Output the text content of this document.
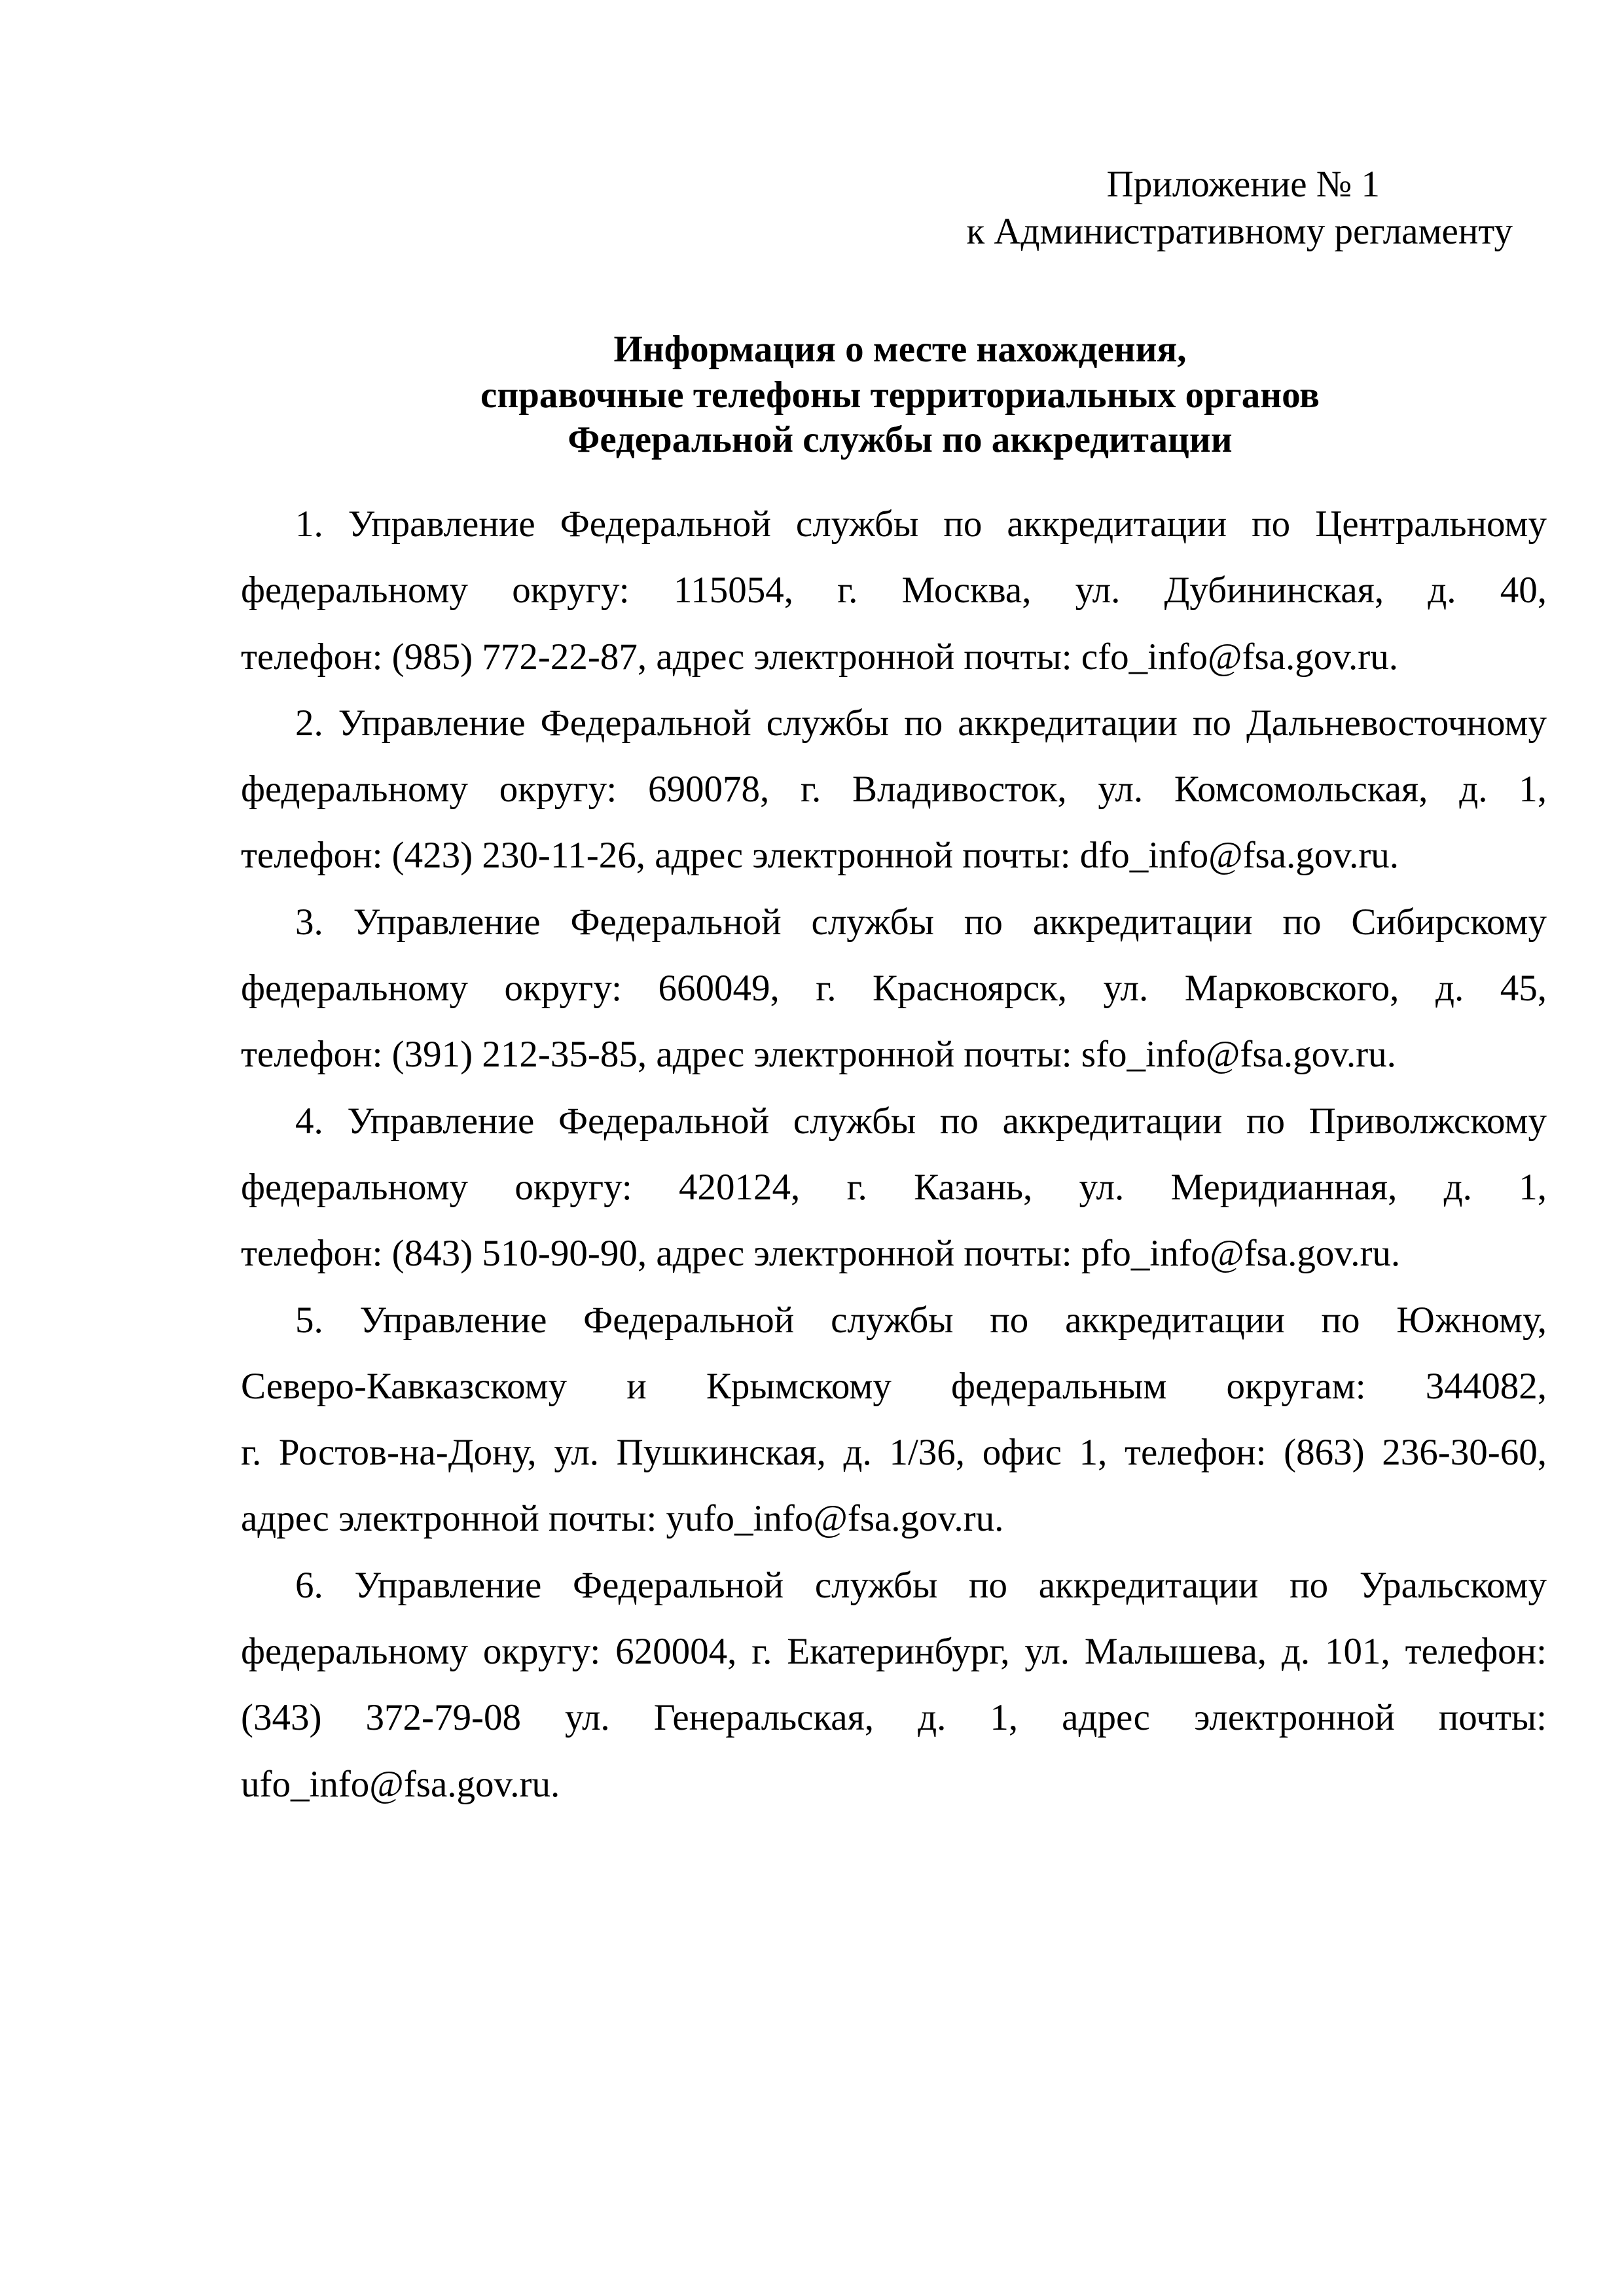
Приложение № 1
к Административному регламенту
Информация о месте нахождения,
справочные телефоны территориальных органов
Федеральной службы по аккредитации
1. Управление Федеральной службы по аккредитации по Центральному
федеральному округу: 115054, г. Москва, ул. Дубининская, д. 40,
телефон: (985) 772-22-87, адрес электронной почты: cfo_info@fsa.gov.ru.
2. Управление Федеральной службы по аккредитации по Дальневосточному
федеральному округу: 690078, г. Владивосток, ул. Комсомольская, д. 1,
телефон: (423) 230-11-26, адрес электронной почты: dfo_info@fsa.gov.ru.
3. Управление Федеральной службы по аккредитации по Сибирскому
федеральному округу: 660049, г. Красноярск, ул. Марковского, д. 45,
телефон: (391) 212-35-85, адрес электронной почты: sfo_info@fsa.gov.ru.
4. Управление Федеральной службы по аккредитации по Приволжскому
федеральному округу: 420124, г. Казань, ул. Меридианная, д. 1,
телефон: (843) 510-90-90, адрес электронной почты: pfo_info@fsa.gov.ru.
5. Управление Федеральной службы по аккредитации по Южному,
Северо-Кавказскому и Крымскому федеральным округам: 344082,
г. Ростов-на-Дону, ул. Пушкинская, д. 1/36, офис 1, телефон: (863) 236-30-60,
адрес электронной почты: yufo_info@fsa.gov.ru.
6. Управление Федеральной службы по аккредитации по Уральскому
федеральному округу: 620004, г. Екатеринбург, ул. Малышева, д. 101, телефон:
(343) 372-79-08 ул. Генеральская, д. 1, адрес электронной почты:
ufo_info@fsa.gov.ru.
